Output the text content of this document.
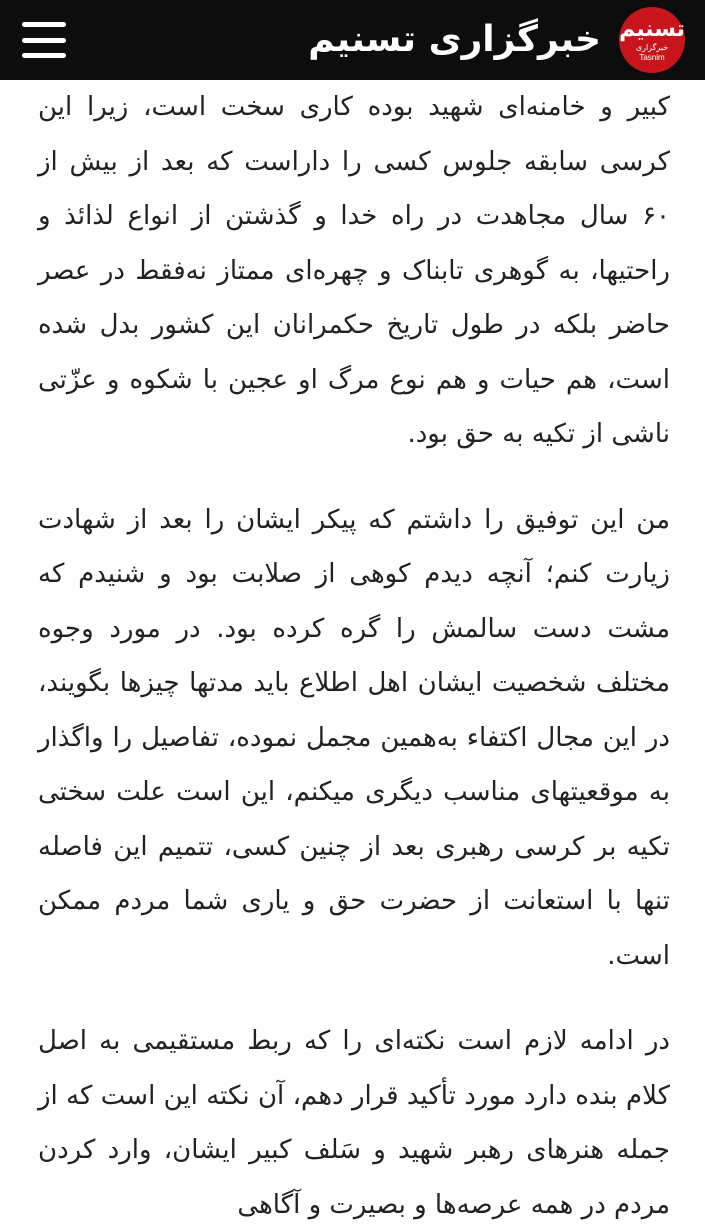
تسنیم
خبرگزاری
Tasnim
خبرگزاری تسنیم

کبیر و خامنه‌ای شهید بوده کاری سخت است، زیرا این کرسی سابقه جلوس کسی را داراست که بعد از بیش از ۶۰ سال مجاهدت در راه خدا و گذشتن از انواع لذائذ و راحتیها، به گوهری تابناک و چهره‌ای ممتاز نه‌فقط در عصر حاضر بلکه در طول تاریخ حکمرانان این کشور بدل شده است، هم حیات و هم نوع مرگ او عجین با شکوه و عزّتی ناشی از تکیه به حق بود.

من این توفیق را داشتم که پیکر ایشان را بعد از شهادت زیارت کنم؛ آنچه دیدم کوهی از صلابت بود و شنیدم که مشت دست سالمش را گره کرده بود. در مورد وجوه مختلف شخصیت ایشان اهل اطلاع باید مدتها چیزها بگویند، در این مجال اکتفاء به‌همین مجمل نموده، تفاصیل را واگذار به موقعیتهای مناسب دیگری میکنم، این است علت سختی تکیه بر کرسی رهبری بعد از چنین کسی، تتمیم این فاصله تنها با استعانت از حضرت حق و یاری شما مردم ممکن است.

در ادامه لازم است نکته‌ای را که ربط مستقیمی به اصل کلام بنده دارد مورد تأکید قرار دهم، آن نکته این است که از جمله هنرهای رهبر شهید و سَلف کبیر ایشان، وارد کردن مردم در همه عرصه‌ها و بصیرت و آگاهی
